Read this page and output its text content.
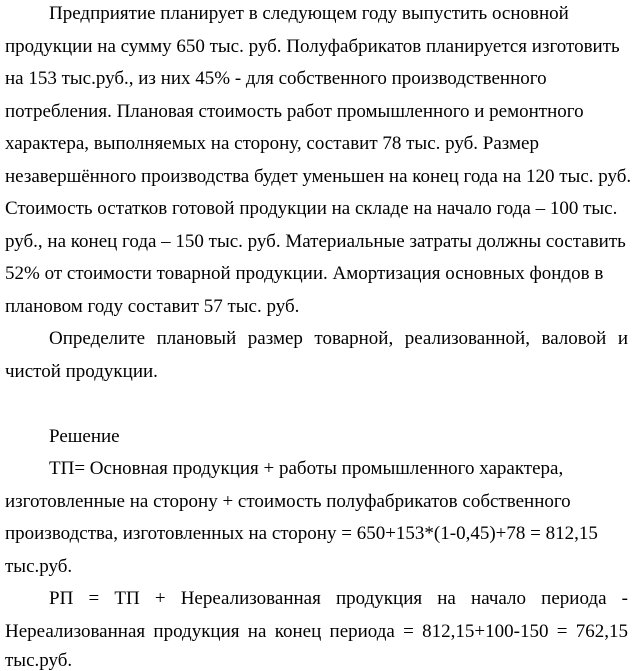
Предприятие планирует в следующем году выпустить основной
продукции на сумму 650 тыс. руб. Полуфабрикатов планируется изготовить
на 153 тыс.руб., из них 45% - для собственного производственного
потребления. Плановая стоимость работ промышленного и ремонтного
характера, выполняемых на сторону, составит 78 тыс. руб. Размер
незавершённого производства будет уменьшен на конец года на 120 тыс. руб.
Стоимость остатков готовой продукции на складе на начало года – 100 тыс.
руб., на конец года – 150 тыс. руб. Материальные затраты должны составить
52% от стоимости товарной продукции. Амортизация основных фондов в
плановом году составит 57 тыс. руб.
Определите плановый размер товарной, реализованной, валовой и
чистой продукции.
Решение
ТП= Основная продукция + работы промышленного характера,
изготовленные на сторону + стоимость полуфабрикатов собственного
производства, изготовленных на сторону = 650+153*(1-0,45)+78 = 812,15
тыс.руб.
РП = ТП + Нереализованная продукция на начало периода -
Нереализованная продукция на конец периода = 812,15+100-150 = 762,15
тыс.руб.
